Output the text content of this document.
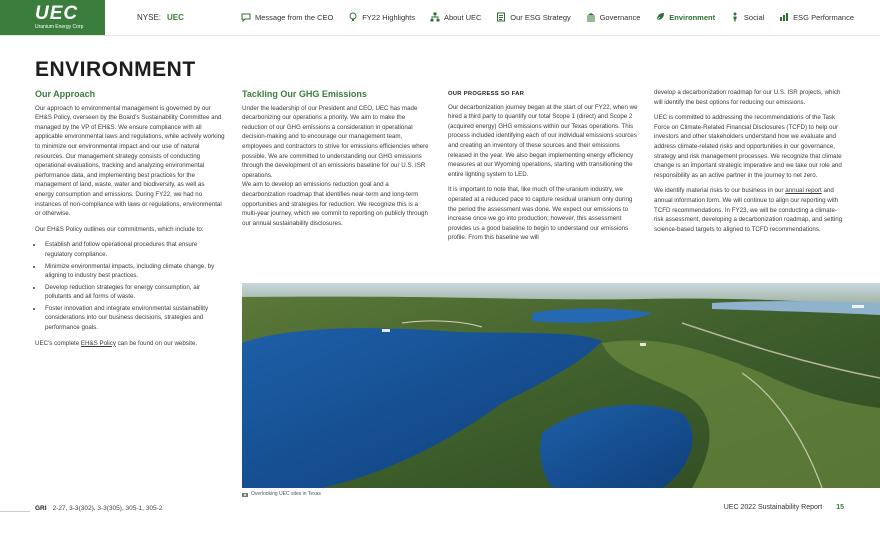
UEC
Uranium Energy Corp
NYSE: UEC	Message from the CEO	FY22 Highlights	About UEC	Our ESG Strategy	Governance	Environment	Social	ESG Performance
ENVIRONMENT
Our Approach

Our approach to environmental management is governed by our EH&S Policy, overseen by the Board's Sustainability Committee and managed by the VP of EH&S. We ensure compliance with all applicable environmental laws and regulations, while actively working to minimize our environmental impact and our use of natural resources. Our management strategy consists of conducting operational evaluations, tracking and analyzing environmental performance data, and implementing best practices for the management of land, waste, water and biodiversity, as well as energy consumption and emissions. During FY22, we had no instances of non-compliance with laws or regulations, environmental or otherwise.

Our EH&S Policy outlines our commitments, which include to:

• Establish and follow operational procedures that ensure regulatory compliance.
• Minimize environmental impacts, including climate change, by aligning to industry best practices.
• Develop reduction strategies for energy consumption, air pollutants and all forms of waste.
• Foster innovation and integrate environmental sustainability considerations into our business decisions, strategies and performance goals.

UEC's complete EH&S Policy can be found on our website.

Tackling Our GHG Emissions

Under the leadership of our President and CEO, UEC has made decarbonizing our operations a priority. We aim to make the reduction of our GHG emissions a consideration in operational decision-making and to encourage our management team, employees and contractors to strive for emissions efficiencies where possible. We are committed to understanding our GHG emissions through the development of an emissions baseline for our U.S. ISR operations.

We aim to develop an emissions reduction goal and a decarbonization roadmap that identifies near-term and long-term opportunities and strategies for reduction. We recognize this is a multi-year journey, which we commit to reporting on publicly through our annual sustainability disclosures.

OUR PROGRESS SO FAR

Our decarbonization journey began at the start of our FY22, when we hired a third party to quantify our total Scope 1 (direct) and Scope 2 (acquired energy) GHG emissions within our Texas operations. This process included identifying each of our individual emissions sources and creating an inventory of these sources and their emissions released in the year. We also began implementing energy efficiency measures at our Wyoming operations, starting with transitioning the entire lighting system to LED.

It is important to note that, like much of the uranium industry, we operated at a reduced pace to capture residual uranium only during the period the assessment was done. We expect our emissions to increase once we go into production; however, this assessment provides us a good baseline to begin to understand our emissions profile. From this baseline we will

develop a decarbonization roadmap for our U.S. ISR projects, which will identify the best options for reducing our emissions.

UEC is committed to addressing the recommendations of the Task Force on Climate-Related Financial Disclosures (TCFD) to help our investors and other stakeholders understand how we evaluate and address climate-related risks and opportunities in our governance, strategy and risk management processes. We recognize that climate change is an important strategic imperative and we take our role and responsibility as an active partner in the journey to net zero.

We identify material risks to our business in our annual report and annual information form. We will continue to align our reporting with TCFD recommendations. In FY23, we will be conducting a climate-risk assessment, developing a decarbonization roadmap, and setting science-based targets to aligned to TCFD recommendations.

Overlooking UEC sites in Texas
GRI 2-27, 3-3(302), 3-3(305), 305-1, 305-2	UEC 2022 Sustainability Report 15
